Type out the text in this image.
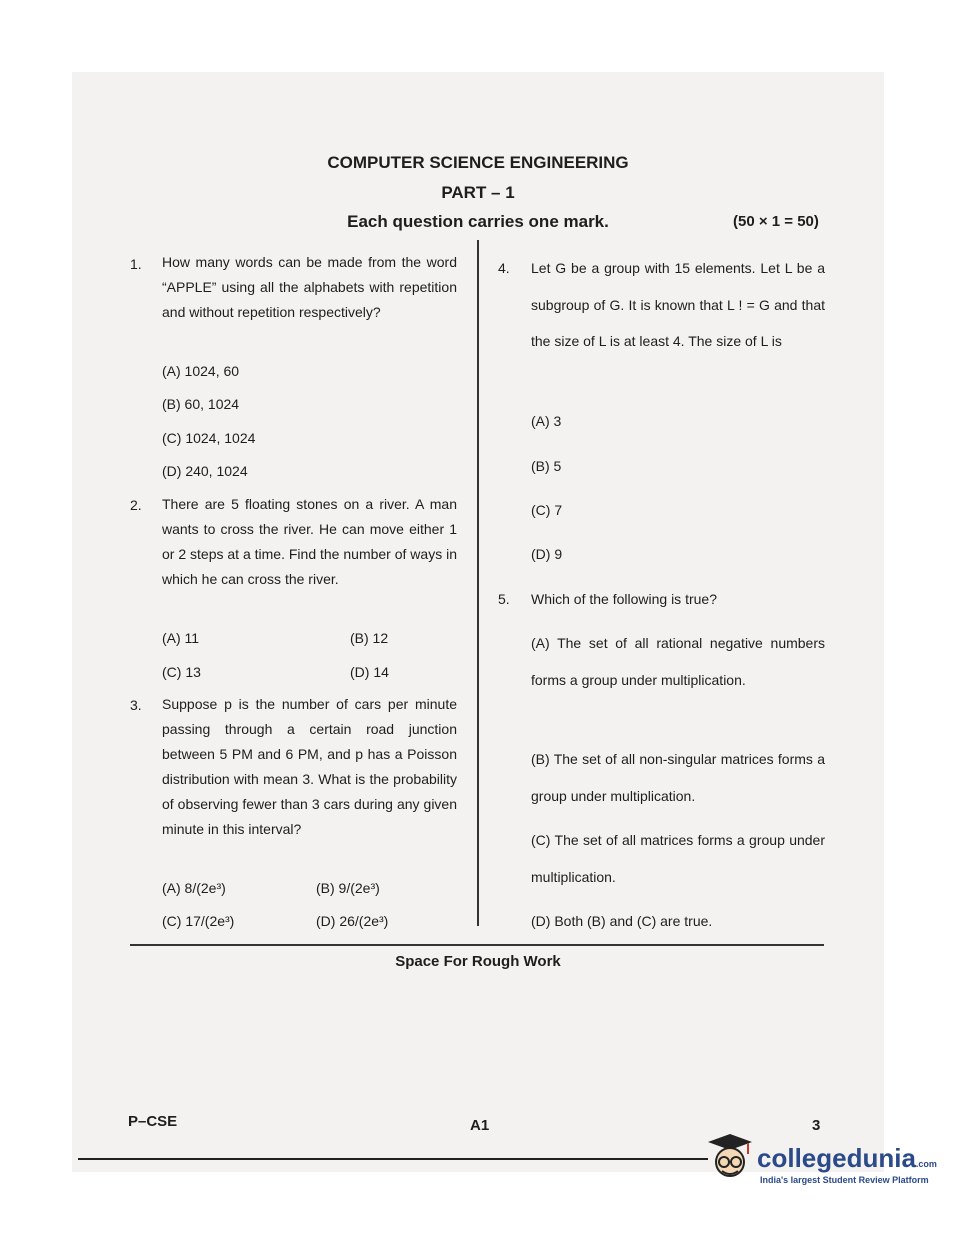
COMPUTER SCIENCE ENGINEERING
PART – 1
Each question carries one mark.	(50 × 1 = 50)
1. How many words can be made from the word “APPLE” using all the alphabets with repetition and without repetition respectively?
(A) 1024, 60
(B) 60, 1024
(C) 1024, 1024
(D) 240, 1024
2. There are 5 floating stones on a river. A man wants to cross the river. He can move either 1 or 2 steps at a time. Find the number of ways in which he can cross the river.
(A) 11	(B) 12
(C) 13	(D) 14
3. Suppose p is the number of cars per minute passing through a certain road junction between 5 PM and 6 PM, and p has a Poisson distribution with mean 3. What is the probability of observing fewer than 3 cars during any given minute in this interval?
(A) 8/(2e³)	(B) 9/(2e³)
(C) 17/(2e³)	(D) 26/(2e³)
4. Let G be a group with 15 elements. Let L be a subgroup of G. It is known that L ! = G and that the size of L is at least 4. The size of L is
(A) 3
(B) 5
(C) 7
(D) 9
5. Which of the following is true?
(A) The set of all rational negative numbers forms a group under multiplication.
(B) The set of all non-singular matrices forms a group under multiplication.
(C) The set of all matrices forms a group under multiplication.
(D) Both (B) and (C) are true.
Space For Rough Work
P–CSE	A1	3
collegedunia.com
India's largest Student Review Platform
